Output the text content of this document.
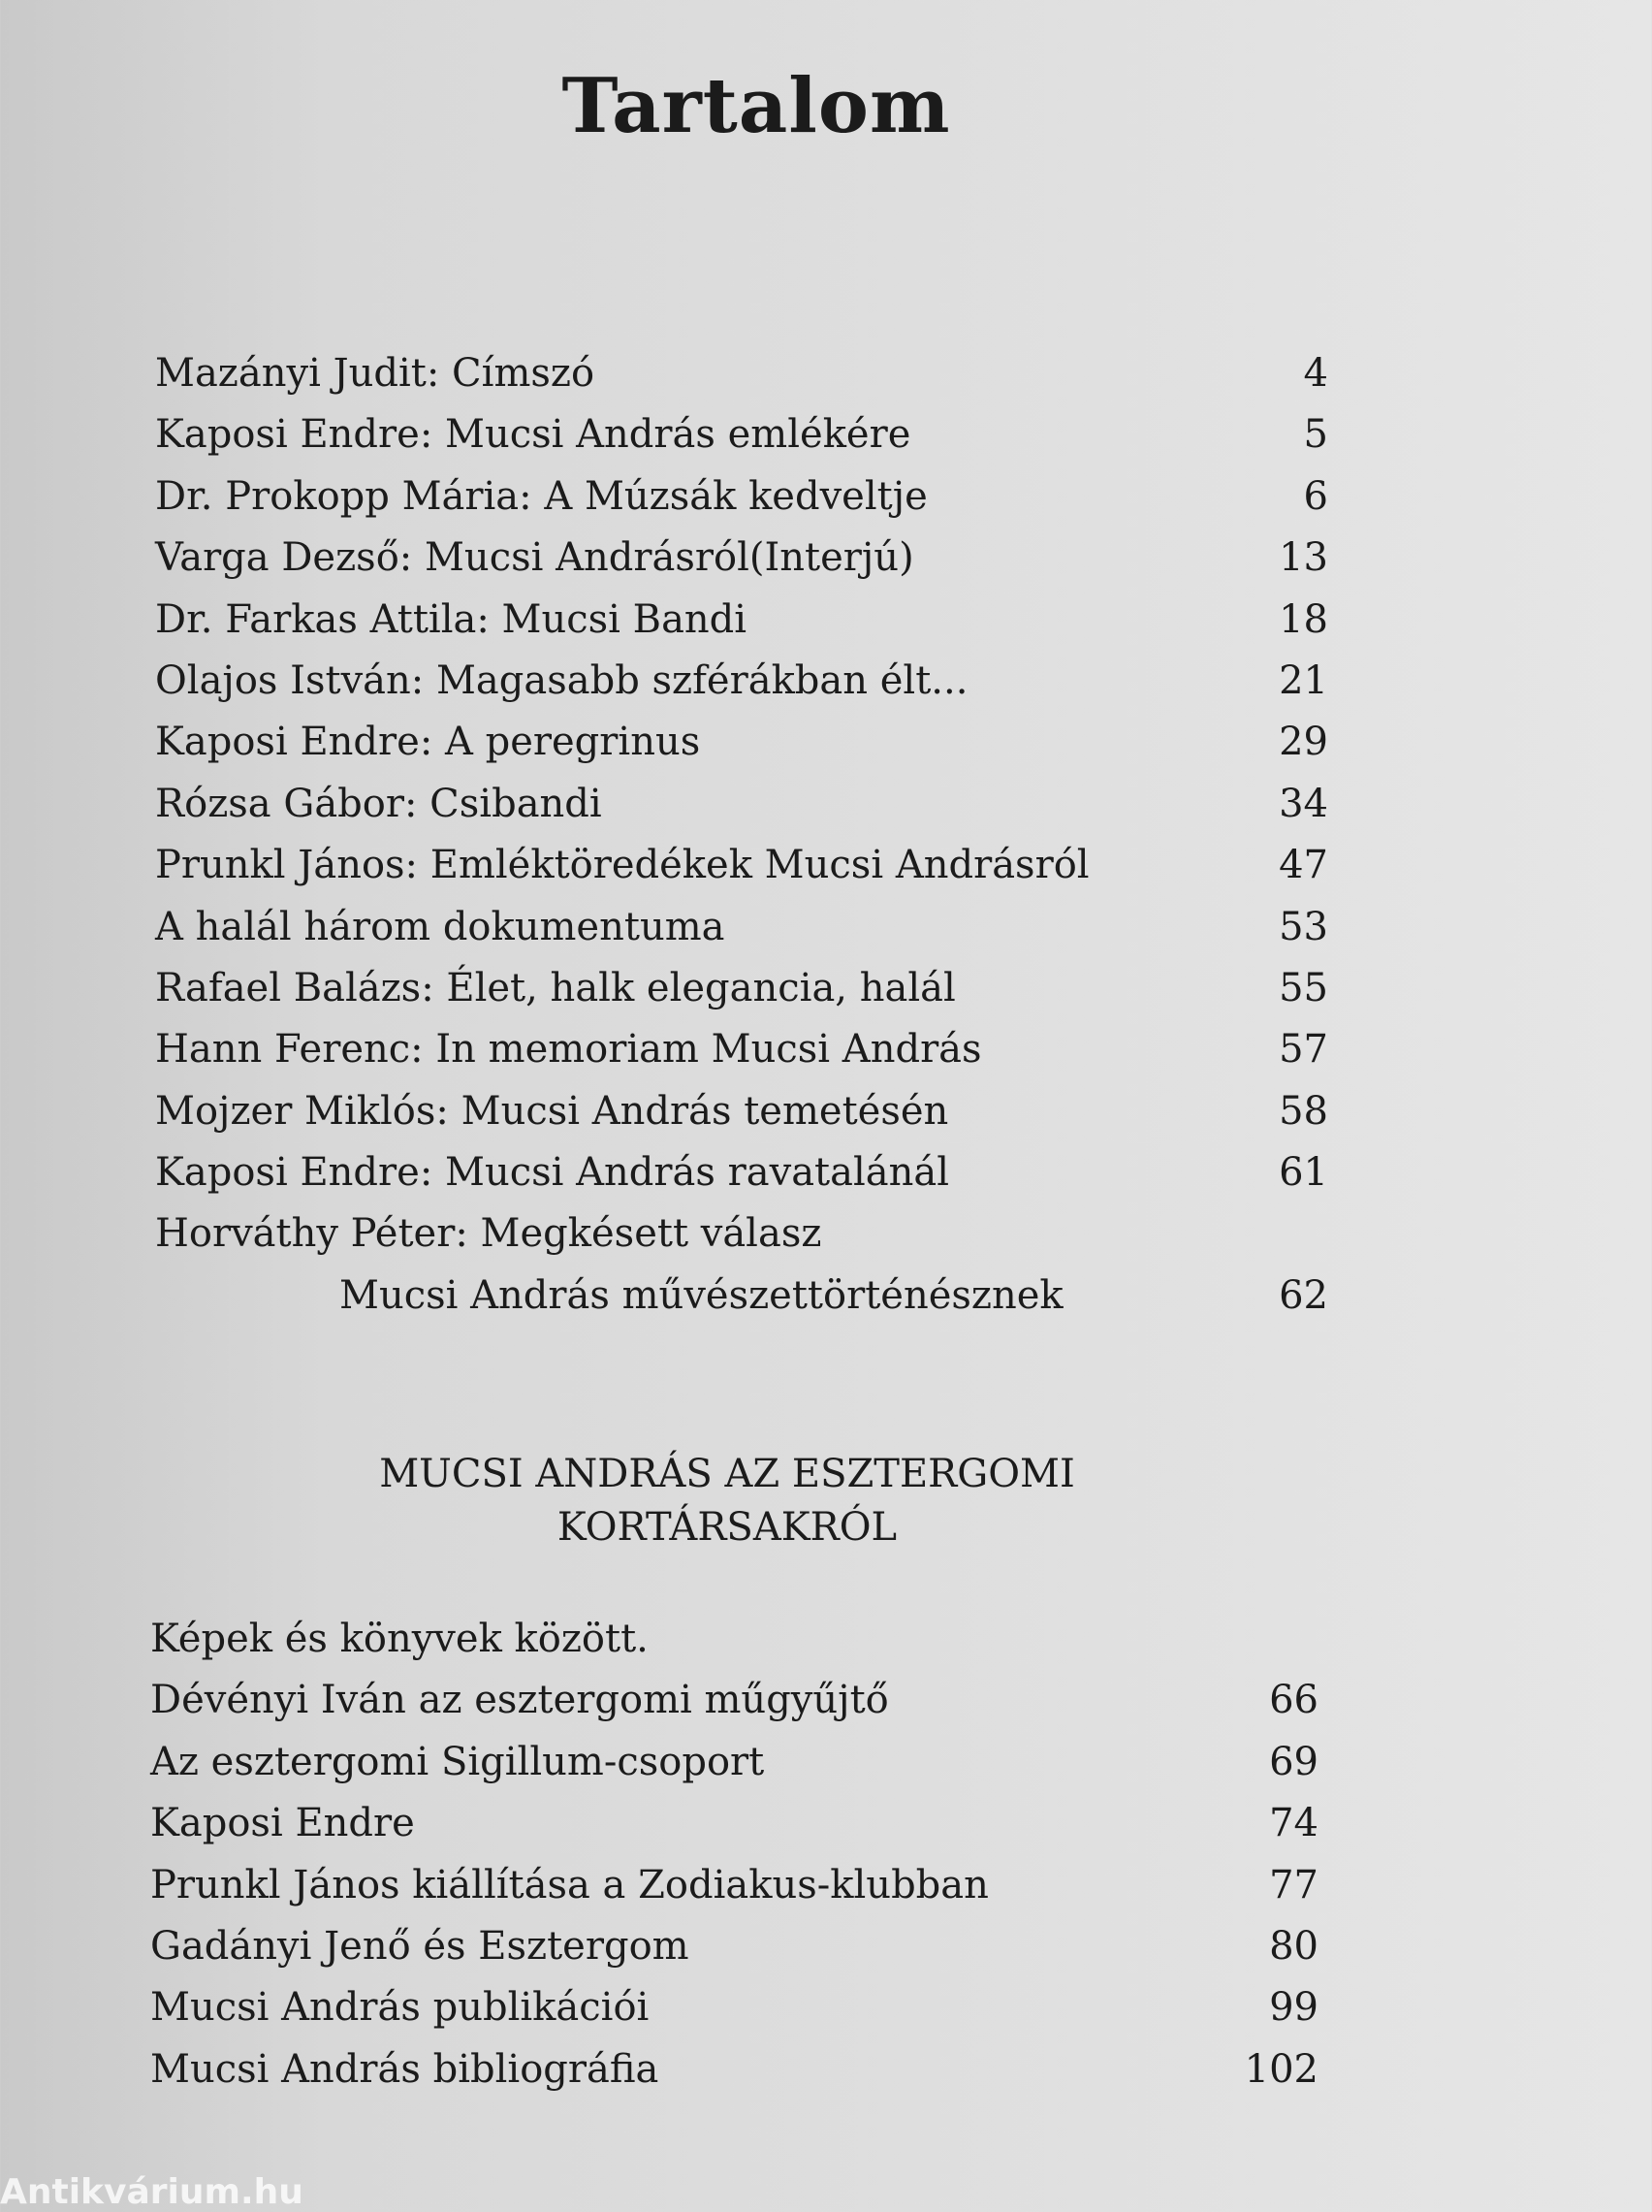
Tartalom
Mazányi Judit: Címszó	4
Kaposi Endre: Mucsi András emlékére	5
Dr. Prokopp Mária: A Múzsák kedveltje	6
Varga Dezső: Mucsi Andrásról(Interjú)	13
Dr. Farkas Attila: Mucsi Bandi	18
Olajos István: Magasabb szférákban élt...	21
Kaposi Endre: A peregrinus	29
Rózsa Gábor: Csibandi	34
Prunkl János: Emléktöredékek Mucsi Andrásról	47
A halál három dokumentuma	53
Rafael Balázs: Élet, halk elegancia, halál	55
Hann Ferenc: In memoriam Mucsi András	57
Mojzer Miklós: Mucsi András temetésén	58
Kaposi Endre: Mucsi András ravatalánál	61
Horváthy Péter: Megkésett válasz
Mucsi András művészettörténésznek	62
MUCSI ANDRÁS AZ ESZTERGOMI
KORTÁRSAKRÓL
Képek és könyvek között.
Dévényi Iván az esztergomi műgyűjtő	66
Az esztergomi Sigillum-csoport	69
Kaposi Endre	74
Prunkl János kiállítása a Zodiakus-klubban	77
Gadányi Jenő és Esztergom	80
Mucsi András publikációi	99
Mucsi András bibliográfia	102
Antikvárium.hu
